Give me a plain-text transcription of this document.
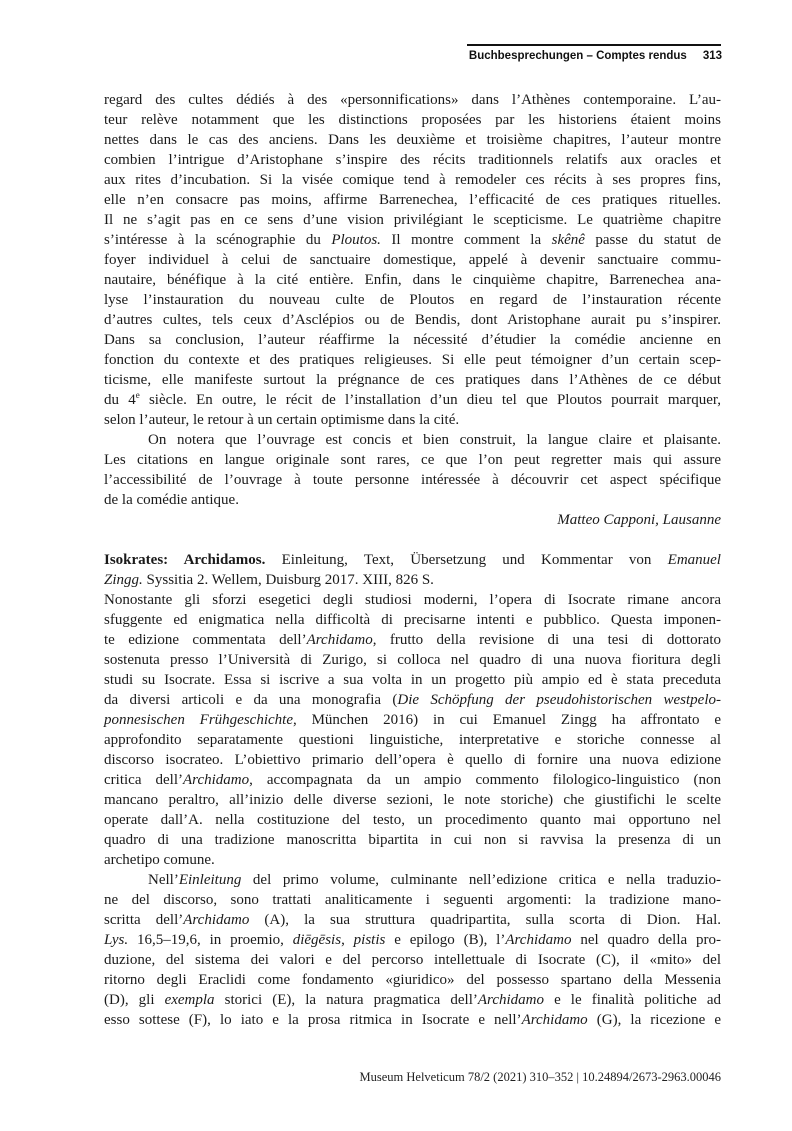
Buchbesprechungen – Comptes rendus 313
regard des cultes dédiés à des «personnifications» dans l’Athènes contemporaine. L’au-
teur relève notamment que les distinctions proposées par les historiens étaient moins
nettes dans le cas des anciens. Dans les deuxième et troisième chapitres, l’auteur montre
combien l’intrigue d’Aristophane s’inspire des récits traditionnels relatifs aux oracles et
aux rites d’incubation. Si la visée comique tend à remodeler ces récits à ses propres fins,
elle n’en consacre pas moins, affirme Barrenechea, l’efficacité de ces pratiques rituelles.
Il ne s’agit pas en ce sens d’une vision privilégiant le scepticisme. Le quatrième chapitre
s’intéresse à la scénographie du Ploutos. Il montre comment la skênê passe du statut de
foyer individuel à celui de sanctuaire domestique, appelé à devenir sanctuaire commu-
nautaire, bénéfique à la cité entière. Enfin, dans le cinquième chapitre, Barrenechea ana-
lyse l’instauration du nouveau culte de Ploutos en regard de l’instauration récente
d’autres cultes, tels ceux d’Asclépios ou de Bendis, dont Aristophane aurait pu s’inspirer.
Dans sa conclusion, l’auteur réaffirme la nécessité d’étudier la comédie ancienne en
fonction du contexte et des pratiques religieuses. Si elle peut témoigner d’un certain scep-
ticisme, elle manifeste surtout la prégnance de ces pratiques dans l’Athènes de ce début
du 4e siècle. En outre, le récit de l’installation d’un dieu tel que Ploutos pourrait marquer,
selon l’auteur, le retour à un certain optimisme dans la cité.
On notera que l’ouvrage est concis et bien construit, la langue claire et plaisante.
Les citations en langue originale sont rares, ce que l’on peut regretter mais qui assure
l’accessibilité de l’ouvrage à toute personne intéressée à découvrir cet aspect spécifique
de la comédie antique.
Matteo Capponi, Lausanne
Isokrates: Archidamos. Einleitung, Text, Übersetzung und Kommentar von Emanuel
Zingg. Syssitia 2. Wellem, Duisburg 2017. XIII, 826 S.
Nonostante gli sforzi esegetici degli studiosi moderni, l’opera di Isocrate rimane ancora
sfuggente ed enigmatica nella difficoltà di precisarne intenti e pubblico. Questa imponen-
te edizione commentata dell’Archidamo, frutto della revisione di una tesi di dottorato
sostenuta presso l’Università di Zurigo, si colloca nel quadro di una nuova fioritura degli
studi su Isocrate. Essa si iscrive a sua volta in un progetto più ampio ed è stata preceduta
da diversi articoli e da una monografia (Die Schöpfung der pseudohistorischen westpelo-
ponnesischen Frühgeschichte, München 2016) in cui Emanuel Zingg ha affrontato e
approfondito separatamente questioni linguistiche, interpretative e storiche connesse al
discorso isocrateo. L’obiettivo primario dell’opera è quello di fornire una nuova edizione
critica dell’Archidamo, accompagnata da un ampio commento filologico-linguistico (non
mancano peraltro, all’inizio delle diverse sezioni, le note storiche) che giustifichi le scelte
operate dall’A. nella costituzione del testo, un procedimento quanto mai opportuno nel
quadro di una tradizione manoscritta bipartita in cui non si ravvisa la presenza di un
archetipo comune.
Nell’Einleitung del primo volume, culminante nell’edizione critica e nella traduzio-
ne del discorso, sono trattati analiticamente i seguenti argomenti: la tradizione mano-
scritta dell’Archidamo (A), la sua struttura quadripartita, sulla scorta di Dion. Hal.
Lys. 16,5–19,6, in proemio, diēgēsis, pistis e epilogo (B), l’Archidamo nel quadro della pro-
duzione, del sistema dei valori e del percorso intellettuale di Isocrate (C), il «mito» del
ritorno degli Eraclidi come fondamento «giuridico» del possesso spartano della Messenia
(D), gli exempla storici (E), la natura pragmatica dell’Archidamo e le finalità politiche ad
esso sottese (F), lo iato e la prosa ritmica in Isocrate e nell’Archidamo (G), la ricezione e
Museum Helveticum 78/2 (2021) 310–352 | 10.24894/2673-2963.00046
